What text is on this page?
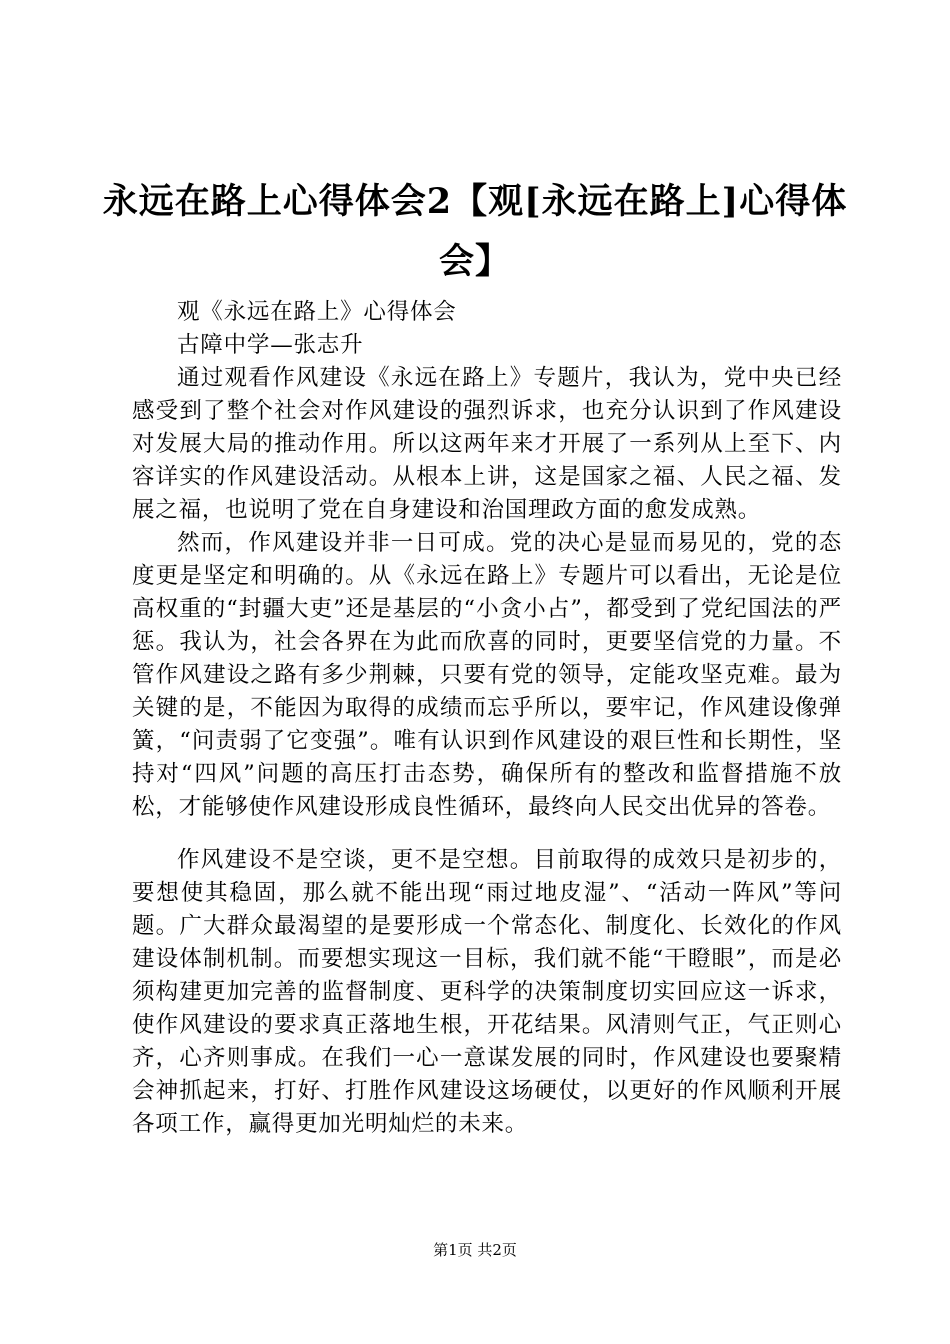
永远在路上心得体会2【观[永远在路上]心得体会】

观《永远在路上》心得体会

古障中学—张志升

通过观看作风建设《永远在路上》专题片，我认为，党中央已经感受到了整个社会对作风建设的强烈诉求，也充分认识到了作风建设对发展大局的推动作用。所以这两年来才开展了一系列从上至下、内容详实的作风建设活动。从根本上讲，这是国家之福、人民之福、发展之福，也说明了党在自身建设和治国理政方面的愈发成熟。

然而，作风建设并非一日可成。党的决心是显而易见的，党的态度更是坚定和明确的。从《永远在路上》专题片可以看出，无论是位高权重的“封疆大吏”还是基层的“小贪小占”，都受到了党纪国法的严惩。我认为，社会各界在为此而欣喜的同时，更要坚信党的力量。不管作风建设之路有多少荆棘，只要有党的领导，定能攻坚克难。最为关键的是，不能因为取得的成绩而忘乎所以，要牢记，作风建设像弹簧，“问责弱了它变强”。唯有认识到作风建设的艰巨性和长期性，坚持对“四风”问题的高压打击态势，确保所有的整改和监督措施不放松，才能够使作风建设形成良性循环，最终向人民交出优异的答卷。

作风建设不是空谈，更不是空想。目前取得的成效只是初步的，要想使其稳固，那么就不能出现“雨过地皮湿”、“活动一阵风”等问题。广大群众最渴望的是要形成一个常态化、制度化、长效化的作风建设体制机制。而要想实现这一目标，我们就不能“干瞪眼”，而是必须构建更加完善的监督制度、更科学的决策制度切实回应这一诉求，使作风建设的要求真正落地生根，开花结果。风清则气正，气正则心齐，心齐则事成。在我们一心一意谋发展的同时，作风建设也要聚精会神抓起来，打好、打胜作风建设这场硬仗，以更好的作风顺利开展各项工作，赢得更加光明灿烂的未来。

第1页 共2页
